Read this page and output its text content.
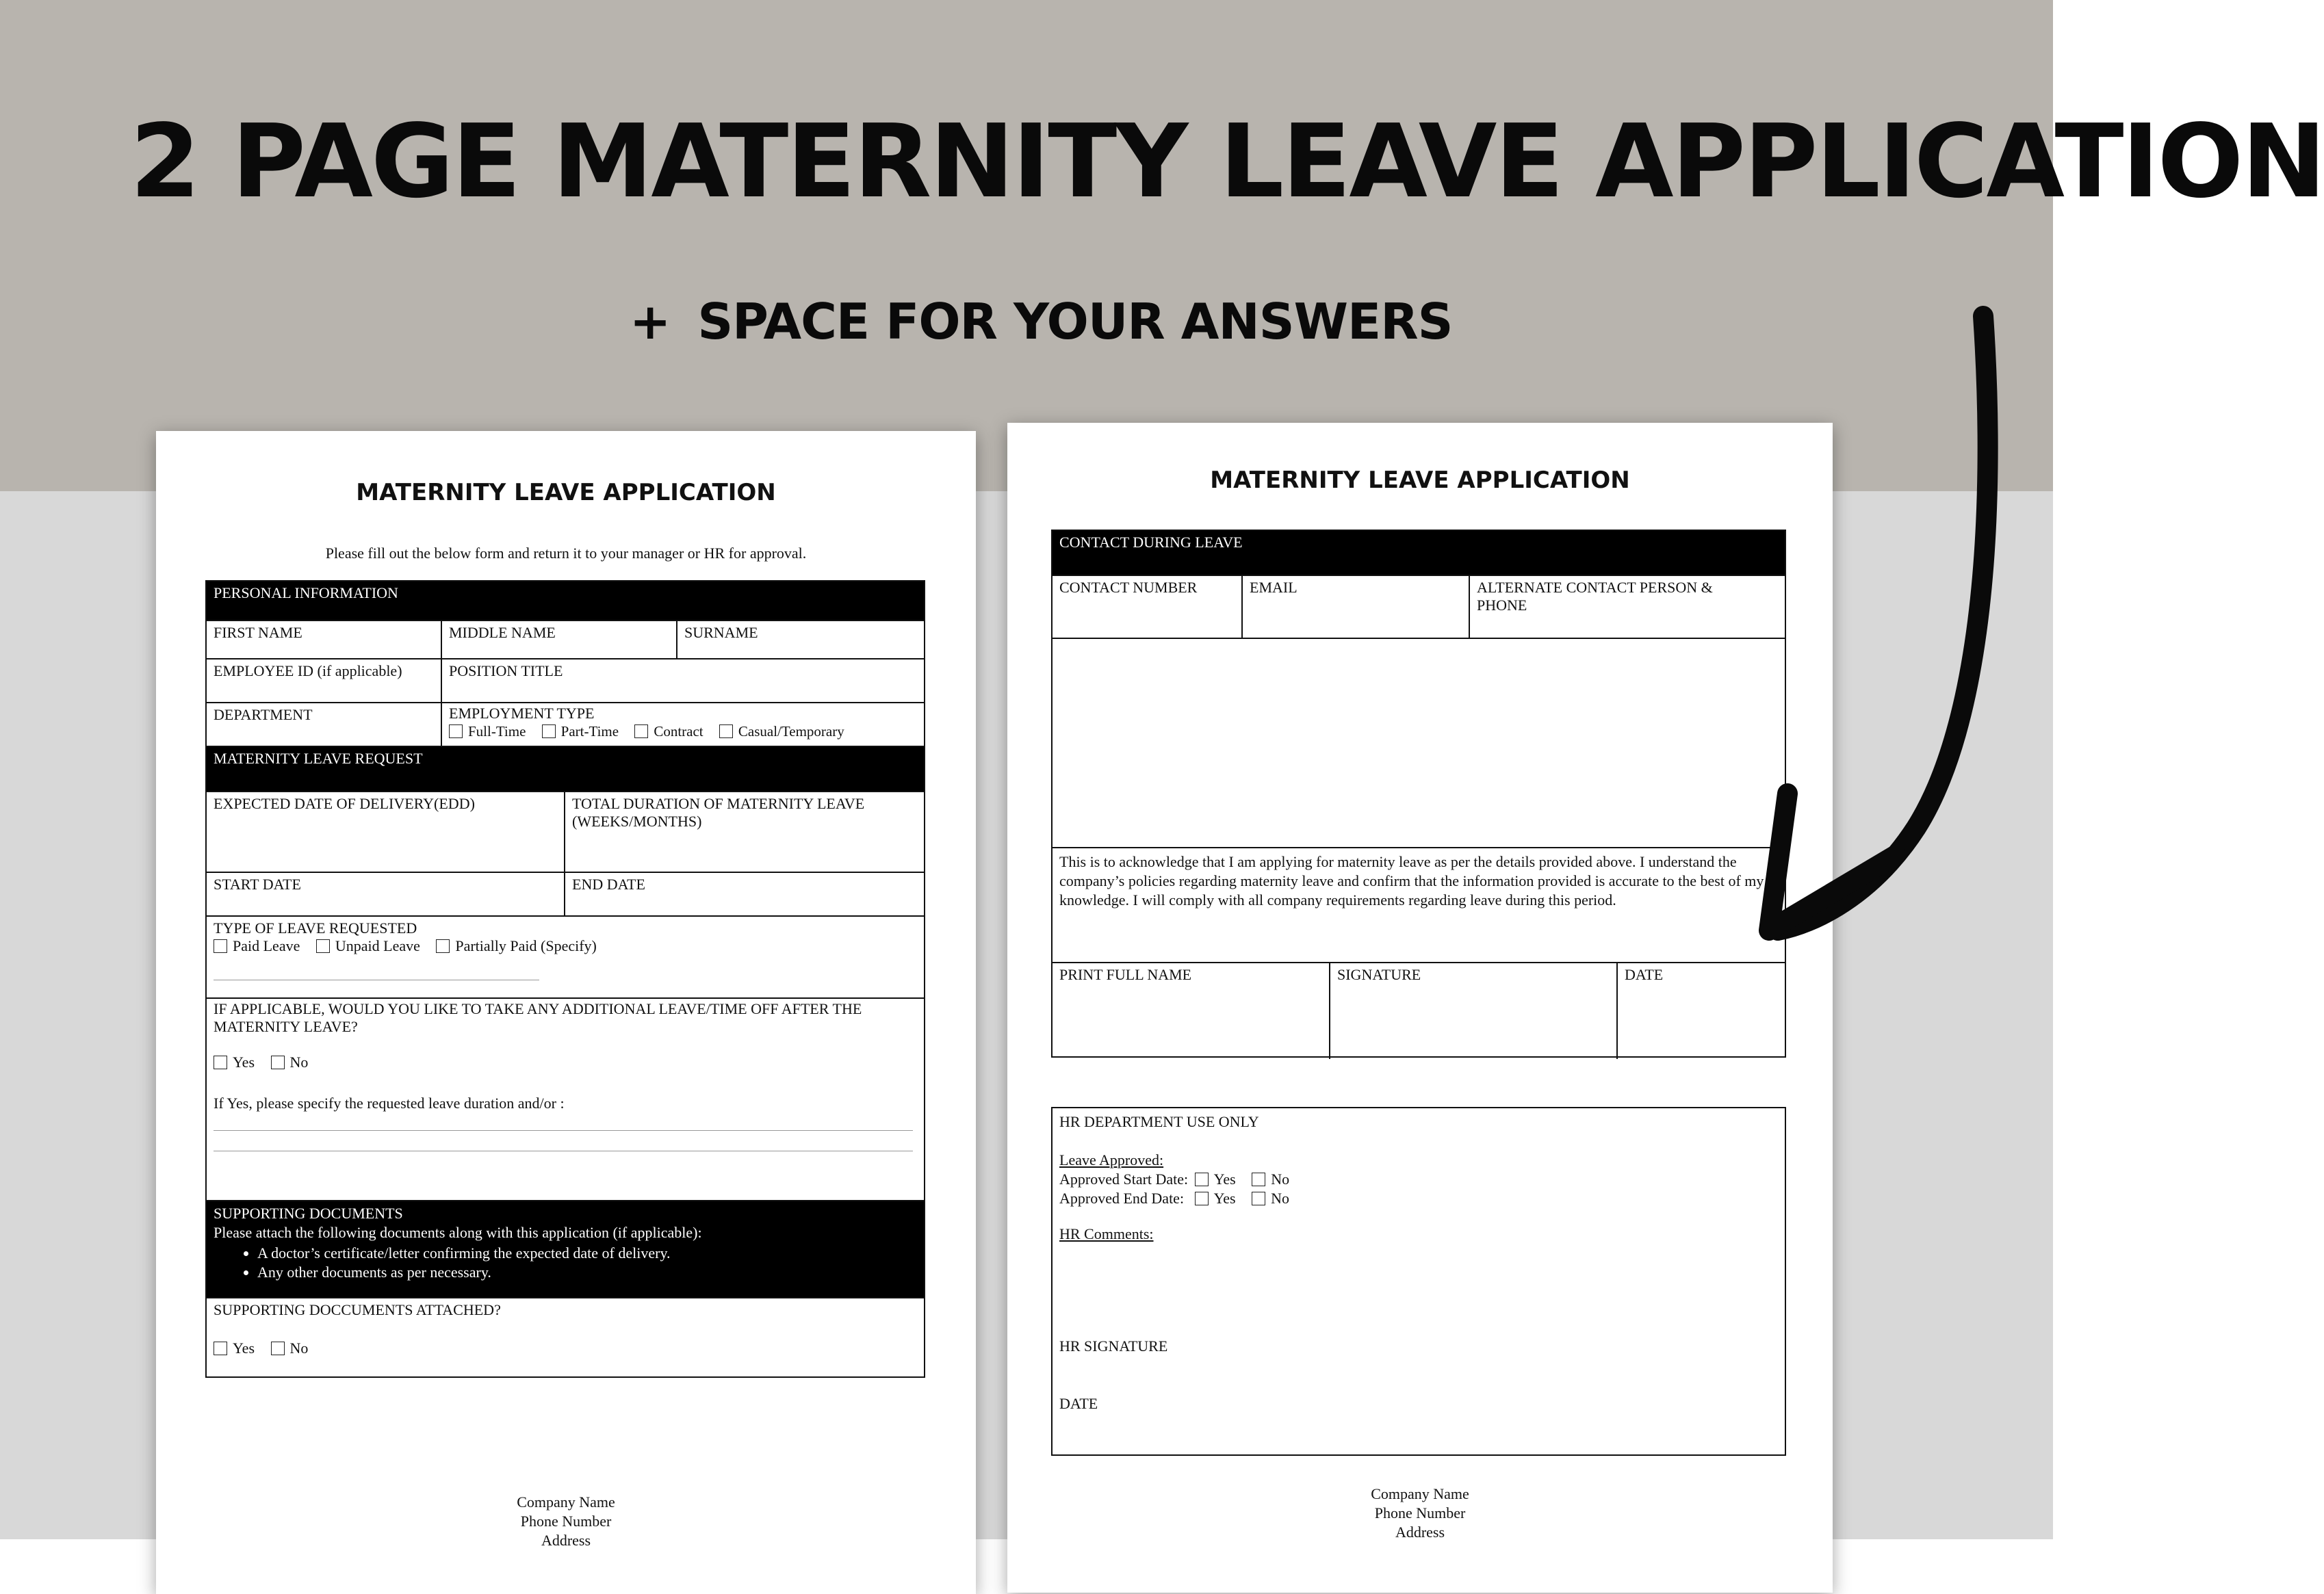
2 PAGE MATERNITY LEAVE APPLICATION
+ SPACE FOR YOUR ANSWERS
MATERNITY LEAVE APPLICATION
Please fill out the below form and return it to your manager or HR for approval.
PERSONAL INFORMATION
FIRST NAME	MIDDLE NAME	SURNAME
EMPLOYEE ID (if applicable)	POSITION TITLE
DEPARTMENT	EMPLOYMENT TYPE
Full-Time Part-Time Contract Casual/Temporary
MATERNITY LEAVE REQUEST
EXPECTED DATE OF DELIVERY(EDD)	TOTAL DURATION OF MATERNITY LEAVE (WEEKS/MONTHS)
START DATE	END DATE
TYPE OF LEAVE REQUESTED
Paid Leave Unpaid Leave Partially Paid (Specify)
IF APPLICABLE, WOULD YOU LIKE TO TAKE ANY ADDITIONAL LEAVE/TIME OFF AFTER THE MATERNITY LEAVE?
Yes No
If Yes, please specify the requested leave duration and/or :
SUPPORTING DOCUMENTS
Please attach the following documents along with this application (if applicable):
• A doctor’s certificate/letter confirming the expected date of delivery.
• Any other documents as per necessary.
SUPPORTING DOCCUMENTS ATTACHED?
Yes No
Company Name
Phone Number
Address
MATERNITY LEAVE APPLICATION
CONTACT DURING LEAVE
CONTACT NUMBER	EMAIL	ALTERNATE CONTACT PERSON & PHONE
This is to acknowledge that I am applying for maternity leave as per the details provided above. I understand the company’s policies regarding maternity leave and confirm that the information provided is accurate to the best of my knowledge. I will comply with all company requirements regarding leave during this period.
PRINT FULL NAME	SIGNATURE	DATE
HR DEPARTMENT USE ONLY
Leave Approved:
Approved Start Date: Yes No
Approved End Date: Yes No
HR Comments:
HR SIGNATURE
DATE
Company Name
Phone Number
Address
